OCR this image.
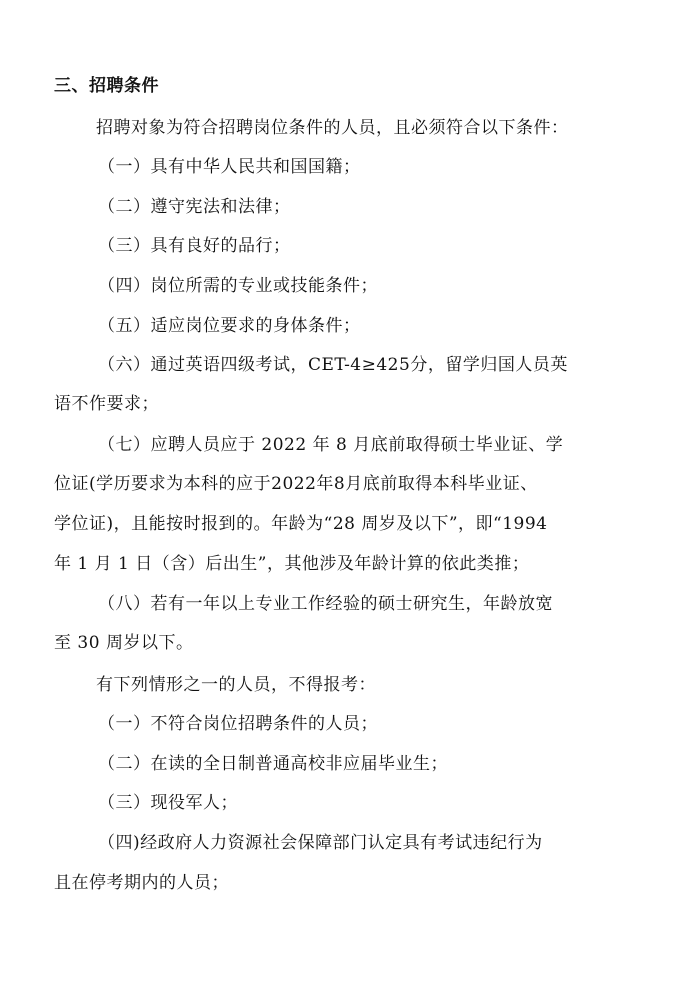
三、招聘条件
招聘对象为符合招聘岗位条件的人员，且必须符合以下条件：
（一）具有中华人民共和国国籍；
（二）遵守宪法和法律；
（三）具有良好的品行；
（四）岗位所需的专业或技能条件；
（五）适应岗位要求的身体条件；
（六）通过英语四级考试，CET-4≥425分，留学归国人员英
语不作要求；
（七）应聘人员应于 2022 年 8 月底前取得硕士毕业证、学
位证(学历要求为本科的应于2022年8月底前取得本科毕业证、
学位证)，且能按时报到的。年龄为“28 周岁及以下”，即“1994
年 1 月 1 日（含）后出生”，其他涉及年龄计算的依此类推；
（八）若有一年以上专业工作经验的硕士研究生，年龄放宽
至 30 周岁以下。
有下列情形之一的人员，不得报考：
（一）不符合岗位招聘条件的人员；
（二）在读的全日制普通高校非应届毕业生；
（三）现役军人；
（四)经政府人力资源社会保障部门认定具有考试违纪行为
且在停考期内的人员；
